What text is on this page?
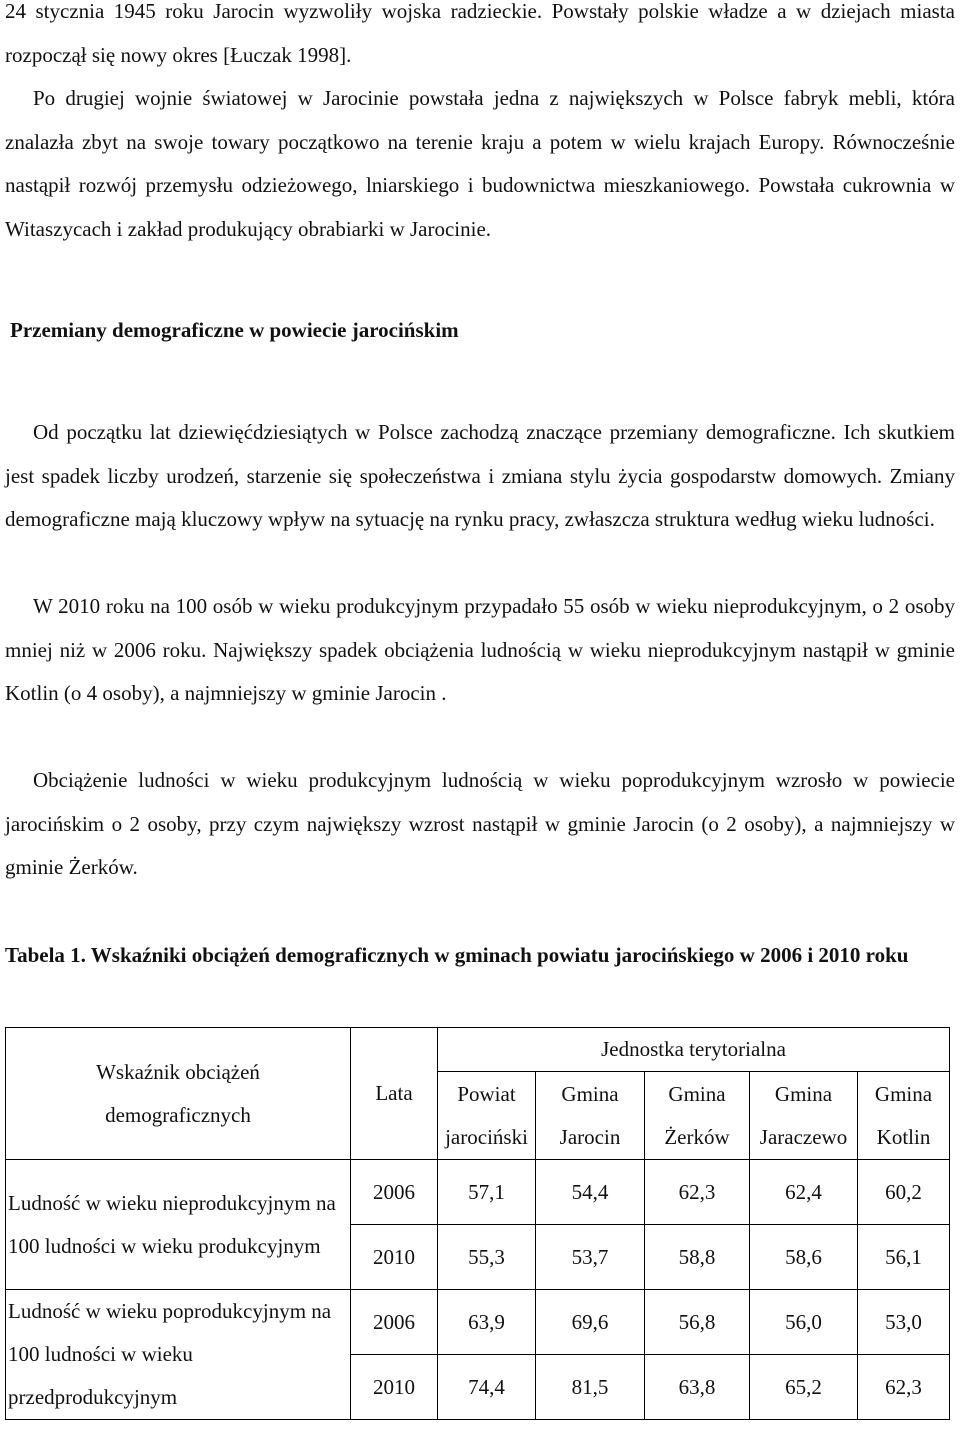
24 stycznia 1945 roku Jarocin wyzwoliły wojska radzieckie. Powstały polskie władze a w dziejach miasta rozpoczął się nowy okres [Łuczak 1998].

Po drugiej wojnie światowej w Jarocinie powstała jedna z największych w Polsce fabryk mebli, która znalazła zbyt na swoje towary początkowo na terenie kraju a potem w wielu krajach Europy. Równocześnie nastąpił rozwój przemysłu odzieżowego, lniarskiego i budownictwa mieszkaniowego. Powstała cukrownia w Witaszycach i zakład produkujący obrabiarki w Jarocinie.

Przemiany demograficzne w powiecie jarocińskim

Od początku lat dziewięćdziesiątych w Polsce zachodzą znaczące przemiany demograficzne. Ich skutkiem jest spadek liczby urodzeń, starzenie się społeczeństwa i zmiana stylu życia gospodarstw domowych. Zmiany demograficzne mają kluczowy wpływ na sytuację na rynku pracy, zwłaszcza struktura według wieku ludności.

W 2010 roku na 100 osób w wieku produkcyjnym przypadało 55 osób w wieku nieprodukcyjnym, o 2 osoby mniej niż w 2006 roku. Największy spadek obciążenia ludnością w wieku nieprodukcyjnym nastąpił w gminie Kotlin (o 4 osoby), a najmniejszy w gminie Jarocin .

Obciążenie ludności w wieku produkcyjnym ludnością w wieku poprodukcyjnym wzrosło w powiecie jarocińskim o 2 osoby, przy czym największy wzrost nastąpił w gminie Jarocin (o 2 osoby), a najmniejszy w gminie Żerków.

Tabela 1. Wskaźniki obciążeń demograficznych w gminach powiatu jarocińskiego w 2006 i 2010 roku

Wskaźnik obciążeń demograficznych	Lata	Jednostka terytorialna				
		Powiat jarociński	Gmina Jarocin	Gmina Żerków	Gmina Jaraczewo	Gmina Kotlin
Ludność w wieku nieprodukcyjnym na 100 ludności w wieku produkcyjnym	2006	57,1	54,4	62,3	62,4	60,2
	2010	55,3	53,7	58,8	58,6	56,1
Ludność w wieku poprodukcyjnym na 100 ludności w wieku przedprodukcyjnym	2006	63,9	69,6	56,8	56,0	53,0
	2010	74,4	81,5	63,8	65,2	62,3
